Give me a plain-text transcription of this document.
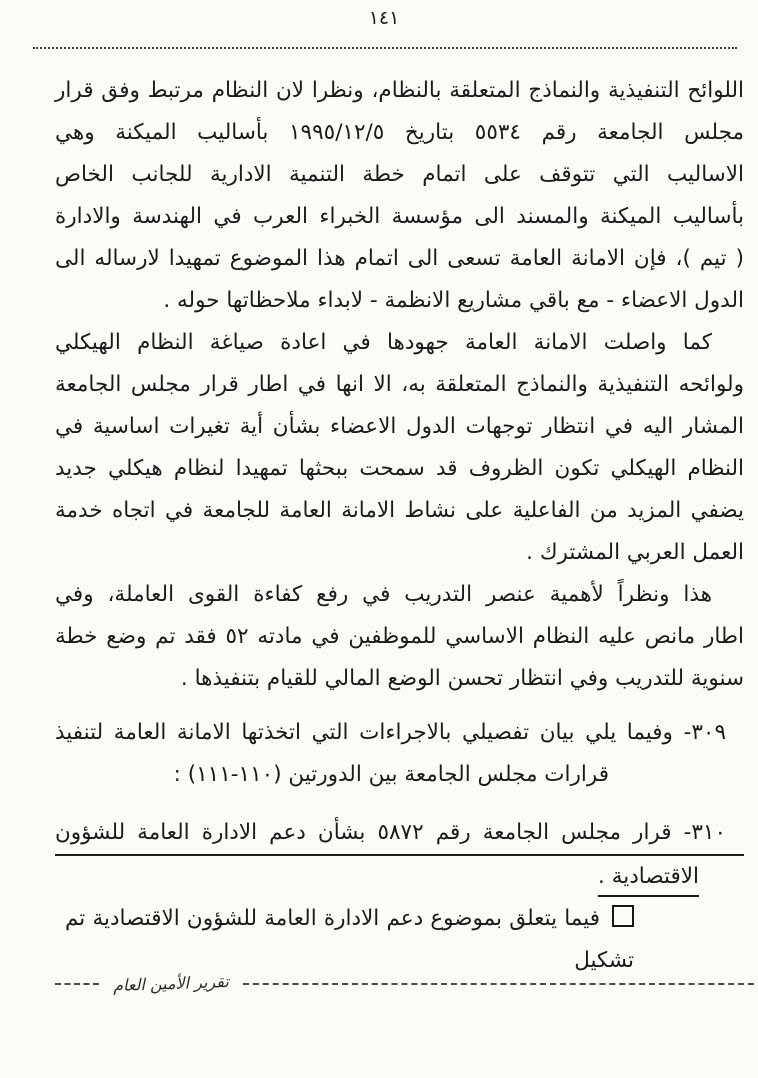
١٤١
اللوائح التنفيذية والنماذج المتعلقة بالنظام، ونظرا لان النظام مرتبط وفق قرار
مجلس الجامعة رقم ٥٥٣٤ بتاريخ ١٩٩٥/١٢/٥ بأساليب الميكنة وهي
الاساليب التي تتوقف على اتمام خطة التنمية الادارية للجانب الخاص
بأساليب الميكنة والمسند الى مؤسسة الخبراء العرب في الهندسة والادارة
( تيم )، فإن الامانة العامة تسعى الى اتمام هذا الموضوع تمهيدا لارساله الى
الدول الاعضاء - مع باقي مشاريع الانظمة - لابداء ملاحظاتها حوله .
كما واصلت الامانة العامة جهودها في اعادة صياغة النظام الهيكلي
ولوائحه التنفيذية والنماذج المتعلقة به، الا انها في اطار قرار مجلس الجامعة
المشار اليه في انتظار توجهات الدول الاعضاء بشأن أية تغيرات اساسية في
النظام الهيكلي تكون الظروف قد سمحت ببحثها تمهيدا لنظام هيكلي جديد
يضفي المزيد من الفاعلية على نشاط الامانة العامة للجامعة في اتجاه خدمة
العمل العربي المشترك .
هذا ونظراً لأهمية عنصر التدريب في رفع كفاءة القوى العاملة، وفي
اطار مانص عليه النظام الاساسي للموظفين في مادته ٥٢ فقد تم وضع خطة
سنوية للتدريب وفي انتظار تحسن الوضع المالي للقيام بتنفيذها .
٣٠٩- وفيما يلي بيان تفصيلي بالاجراءات التي اتخذتها الامانة العامة لتنفيذ
قرارات مجلس الجامعة بين الدورتين (١١٠-١١١) :
٣١٠- قرار مجلس الجامعة رقم ٥٨٧٢ بشأن دعم الادارة العامة للشؤون
الاقتصادية .
فيما يتعلق بموضوع دعم الادارة العامة للشؤون الاقتصادية تم تشكيل
تقرير الأمين العام
